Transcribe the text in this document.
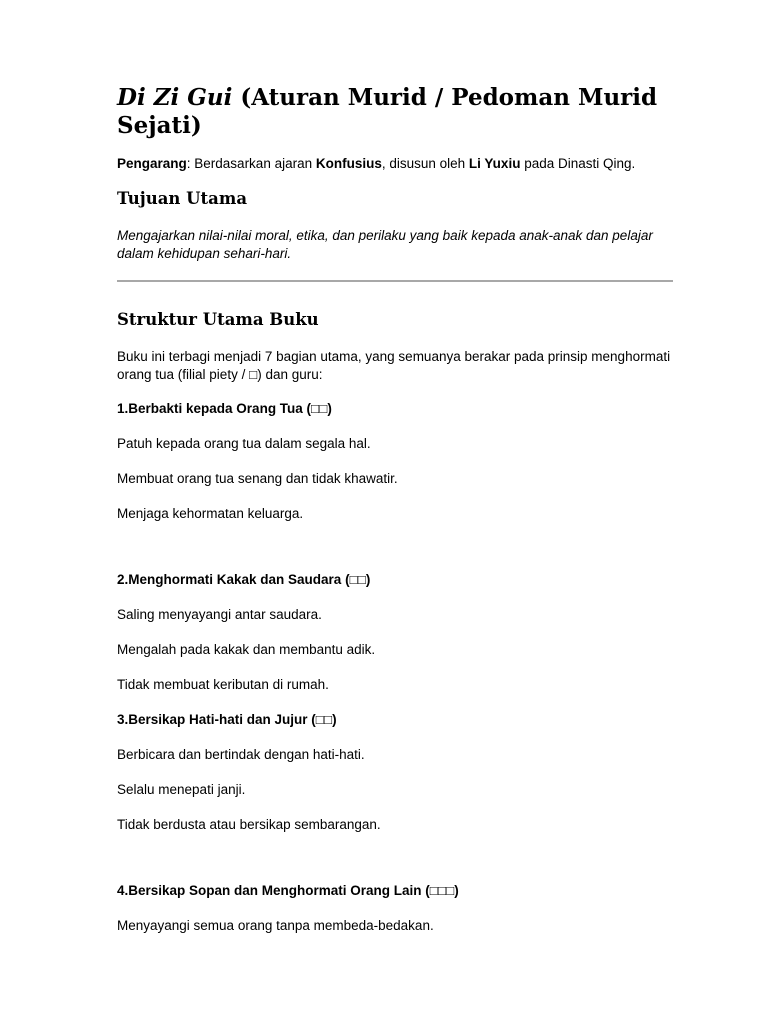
Di Zi Gui (Aturan Murid / Pedoman Murid Sejati)

Pengarang: Berdasarkan ajaran Konfusius, disusun oleh Li Yuxiu pada Dinasti Qing.

Tujuan Utama

Mengajarkan nilai-nilai moral, etika, dan perilaku yang baik kepada anak-anak dan pelajar dalam kehidupan sehari-hari.

Struktur Utama Buku

Buku ini terbagi menjadi 7 bagian utama, yang semuanya berakar pada prinsip menghormati orang tua (filial piety / □) dan guru:

1.Berbakti kepada Orang Tua (□□)

Patuh kepada orang tua dalam segala hal.

Membuat orang tua senang dan tidak khawatir.

Menjaga kehormatan keluarga.

2.Menghormati Kakak dan Saudara (□□)

Saling menyayangi antar saudara.

Mengalah pada kakak dan membantu adik.

Tidak membuat keributan di rumah.

3.Bersikap Hati-hati dan Jujur (□□)

Berbicara dan bertindak dengan hati-hati.

Selalu menepati janji.

Tidak berdusta atau bersikap sembarangan.

4.Bersikap Sopan dan Menghormati Orang Lain (□□□)

Menyayangi semua orang tanpa membeda-bedakan.
